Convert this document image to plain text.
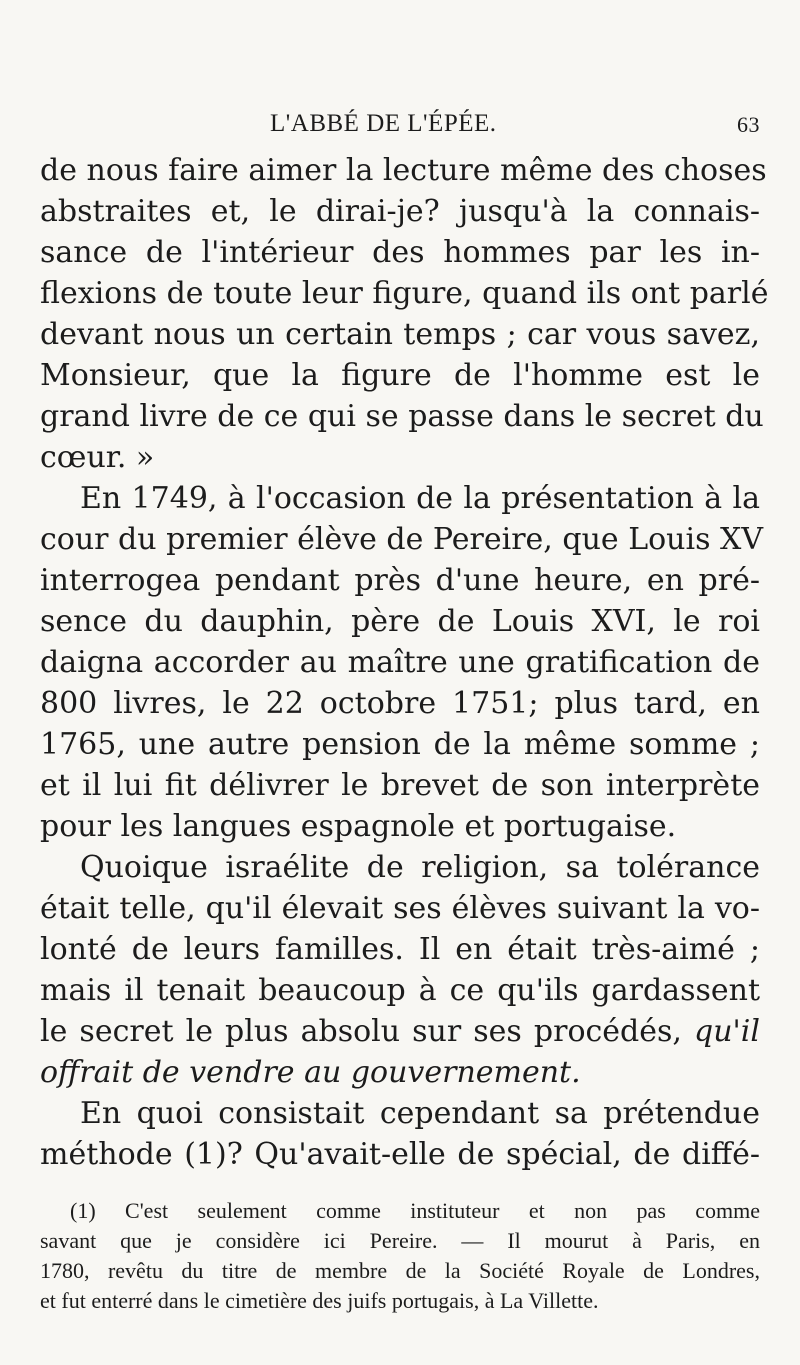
L'ABBÉ DE L'ÉPÉE.	63
de nous faire aimer la lecture même des choses
abstraites et, le dirai-je? jusqu'à la connais-
sance de l'intérieur des hommes par les in-
flexions de toute leur figure, quand ils ont parlé
devant nous un certain temps ; car vous savez,
Monsieur, que la figure de l'homme est le
grand livre de ce qui se passe dans le secret du
cœur. »
En 1749, à l'occasion de la présentation à la
cour du premier élève de Pereire, que Louis XV
interrogea pendant près d'une heure, en pré-
sence du dauphin, père de Louis XVI, le roi
daigna accorder au maître une gratification de
800 livres, le 22 octobre 1751; plus tard, en
1765, une autre pension de la même somme ;
et il lui fit délivrer le brevet de son interprète
pour les langues espagnole et portugaise.
Quoique israélite de religion, sa tolérance
était telle, qu'il élevait ses élèves suivant la vo-
lonté de leurs familles. Il en était très-aimé ;
mais il tenait beaucoup à ce qu'ils gardassent
le secret le plus absolu sur ses procédés, qu'il
offrait de vendre au gouvernement.
En quoi consistait cependant sa prétendue
méthode (1)? Qu'avait-elle de spécial, de diffé-
(1) C'est seulement comme instituteur et non pas comme
savant que je considère ici Pereire. — Il mourut à Paris, en
1780, revêtu du titre de membre de la Société Royale de Londres,
et fut enterré dans le cimetière des juifs portugais, à La Villette.
